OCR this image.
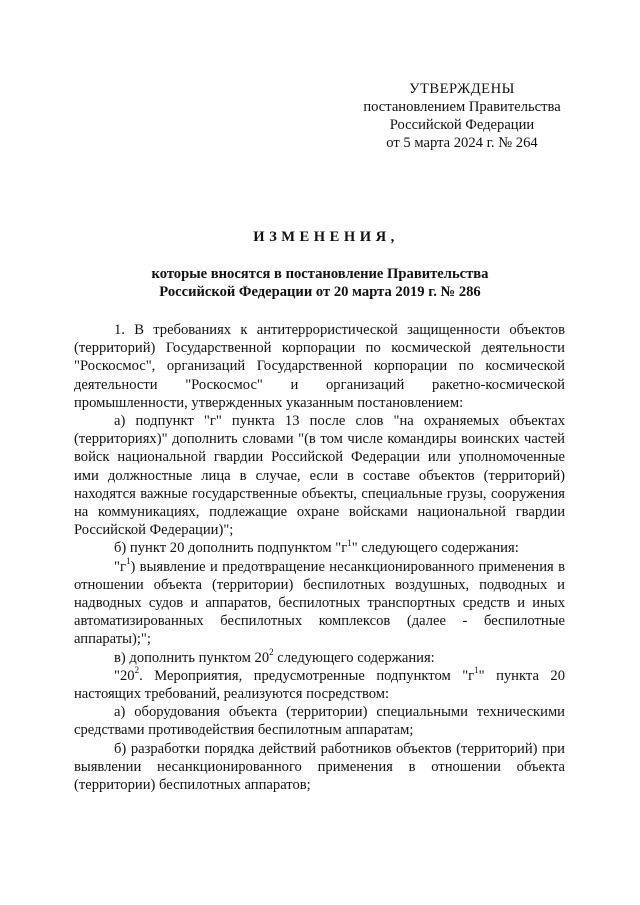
УТВЕРЖДЕНЫ
постановлением Правительства
Российской Федерации
от 5 марта 2024 г. № 264
ИЗМЕНЕНИЯ,
которые вносятся в постановление Правительства
Российской Федерации от 20 марта 2019 г. № 286

1. В требованиях к антитеррористической защищенности объектов (территорий) Государственной корпорации по космической деятельности "Роскосмос", организаций Государственной корпорации по космической деятельности "Роскосмос" и организаций ракетно-космической промышленности, утвержденных указанным постановлением:

а) подпункт "г" пункта 13 после слов "на охраняемых объектах (территориях)" дополнить словами "(в том числе командиры воинских частей войск национальной гвардии Российской Федерации или уполномоченные ими должностные лица в случае, если в составе объектов (территорий) находятся важные государственные объекты, специальные грузы, сооружения на коммуникациях, подлежащие охране войсками национальной гвардии Российской Федерации)";

б) пункт 20 дополнить подпунктом "$г^1$" следующего содержания:

"$г^1$) выявление и предотвращение несанкционированного применения в отношении объекта (территории) беспилотных воздушных, подводных и надводных судов и аппаратов, беспилотных транспортных средств и иных автоматизированных беспилотных комплексов (далее - беспилотные аппараты);";

в) дополнить пунктом $20^2$ следующего содержания:

"$20^2$. Мероприятия, предусмотренные подпунктом "$г^1$" пункта 20 настоящих требований, реализуются посредством:

а) оборудования объекта (территории) специальными техническими средствами противодействия беспилотным аппаратам;

б) разработки порядка действий работников объектов (территорий) при выявлении несанкционированного применения в отношении объекта (территории) беспилотных аппаратов;
